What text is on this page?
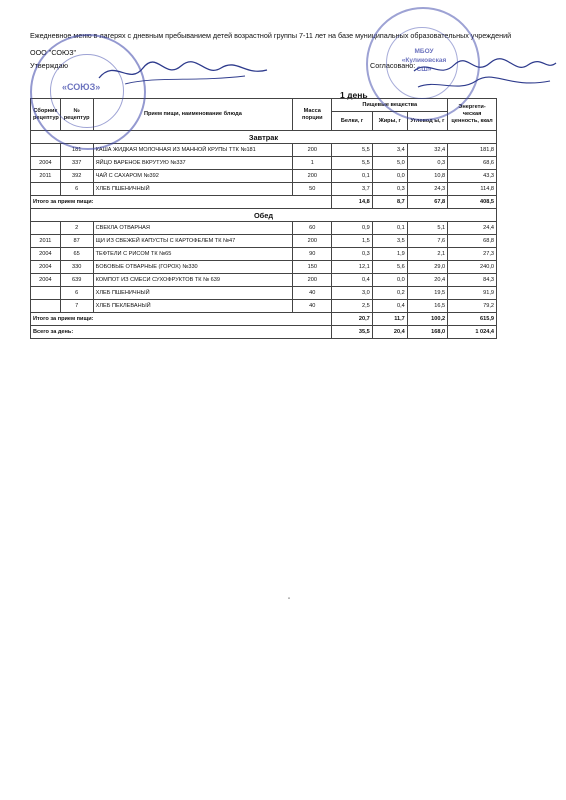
Ежедневное меню в лагерях с дневным пребыванием детей возрастной группы 7-11 лет на базе муниципальных образовательных учреждений
ООО "СОЮЗ"
Утверждаю	Согласовано:
1 день
Сборник рецептур	№ рецептур	Прием пищи, наименование блюда	Масса порции	Пищевые вещества			Энергети-ческая ценность, ккал
				Белки, г	Жиры, г	Углевод ы, г	
Завтрак							
	181	КАША ЖИДКАЯ МОЛОЧНАЯ ИЗ МАННОЙ КРУПЫ ТТК №181	200	5,5	3,4	32,4	181,8
2004	337	ЯЙЦО ВАРЕНОЕ ВКРУТУЮ №337	1	5,5	5,0	0,3	68,6
2011	392	ЧАЙ С САХАРОМ №392	200	0,1	0,0	10,8	43,3
	6	ХЛЕБ ПШЕНИЧНЫЙ	50	3,7	0,3	24,3	114,8
Итого за прием пищи:				14,8	8,7	67,8	408,5
Обед							
	2	СВЕКЛА ОТВАРНАЯ	60	0,9	0,1	5,1	24,4
2011	87	ЩИ ИЗ СВЕЖЕЙ КАПУСТЫ С КАРТОФЕЛЕМ ТК №47	200	1,5	3,5	7,6	68,8
2004	65	ТЕФТЕЛИ С РИСОМ ТК №65	90	0,3	1,9	2,1	27,3
2004	330	БОБОВЫЕ ОТВАРНЫЕ (ГОРОХ) №330	150	12,1	5,6	29,0	240,0
2004	639	КОМПОТ ИЗ СМЕСИ СУХОФРУКТОВ ТК № 639	200	0,4	0,0	20,4	84,3
	6	ХЛЕБ ПШЕНИЧНЫЙ	40	3,0	0,2	19,5	91,9
	7	ХЛЕБ ПЕКЛЕВАНЫЙ	40	2,5	0,4	16,5	79,2
Итого за прием пищи:				20,7	11,7	100,2	615,9
Всего за день:				35,5	20,4	168,0	1 024,4
«СОЮЗ»
МБОУ «Куликовская СШ»
''
